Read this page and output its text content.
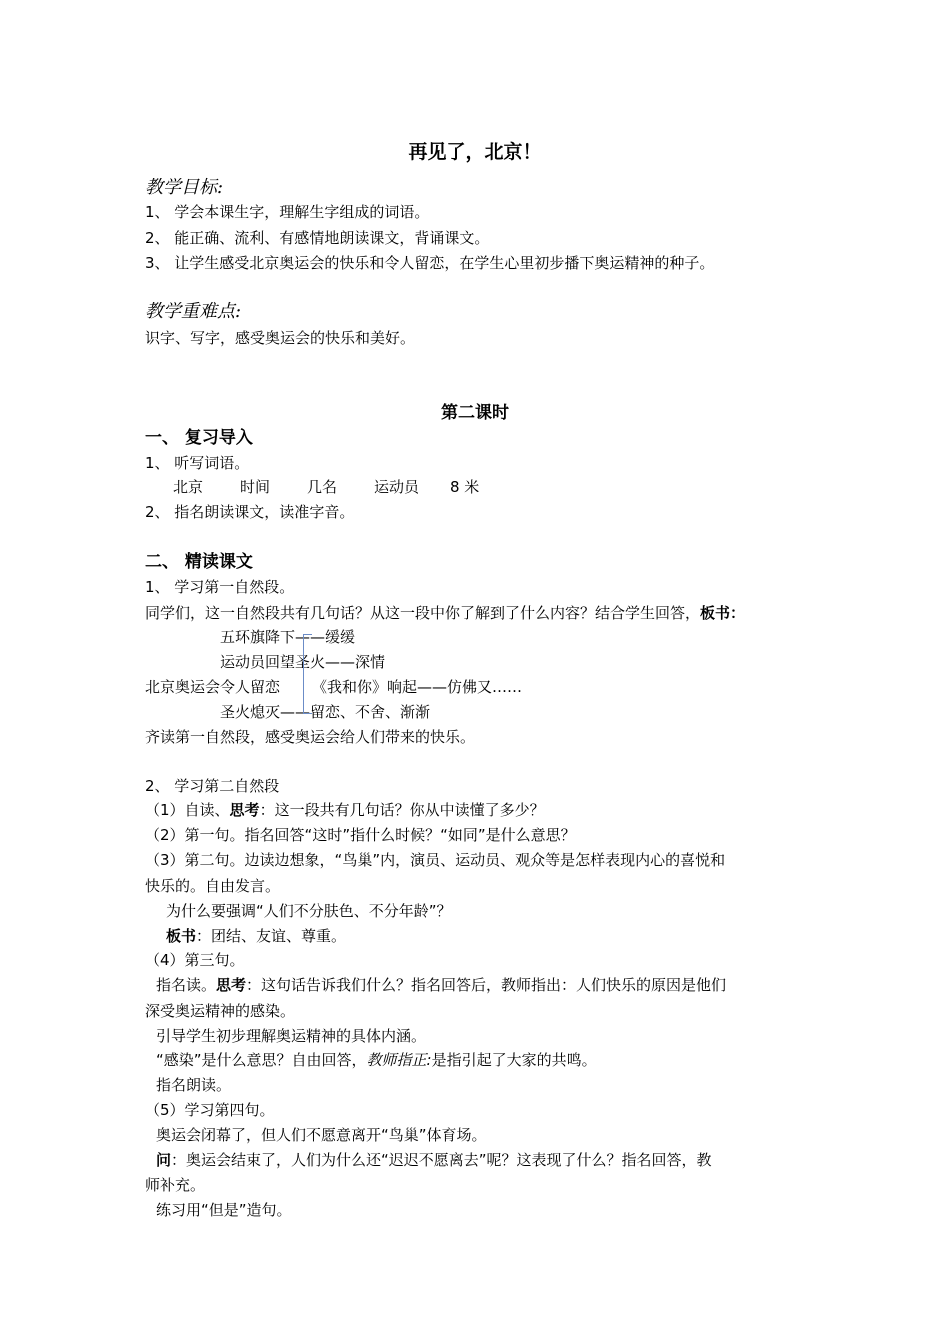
再见了，北京！
教学目标:
1、 学会本课生字，理解生字组成的词语。
2、 能正确、流利、有感情地朗读课文，背诵课文。
3、 让学生感受北京奥运会的快乐和令人留恋，在学生心里初步播下奥运精神的种子。
教学重难点:
识字、写字，感受奥运会的快乐和美好。
第二课时
一、 复习导入
1、 听写词语。
北京 时间 几名 运动员 8 米
2、 指名朗读课文，读准字音。
二、 精读课文
1、 学习第一自然段。
同学们，这一自然段共有几句话？从这一段中你了解到了什么内容？结合学生回答，板书：
五环旗降下——缓缓
运动员回望圣火——深情
北京奥运会令人留恋 《我和你》响起——仿佛又……
圣火熄灭——留恋、不舍、渐渐
齐读第一自然段，感受奥运会给人们带来的快乐。
2、 学习第二自然段
（1）自读、思考：这一段共有几句话？你从中读懂了多少？
（2）第一句。指名回答“这时”指什么时候？“如同”是什么意思？
（3）第二句。边读边想象，“鸟巢”内，演员、运动员、观众等是怎样表现内心的喜悦和
快乐的。自由发言。
为什么要强调“人们不分肤色、不分年龄”？
板书：团结、友谊、尊重。
（4）第三句。
指名读。思考：这句话告诉我们什么？指名回答后，教师指出：人们快乐的原因是他们
深受奥运精神的感染。
引导学生初步理解奥运精神的具体内涵。
“感染”是什么意思？自由回答，教师指正:是指引起了大家的共鸣。
指名朗读。
（5）学习第四句。
奥运会闭幕了，但人们不愿意离开“鸟巢”体育场。
问：奥运会结束了，人们为什么还“迟迟不愿离去”呢？这表现了什么？指名回答，教
师补充。
练习用“但是”造句。
